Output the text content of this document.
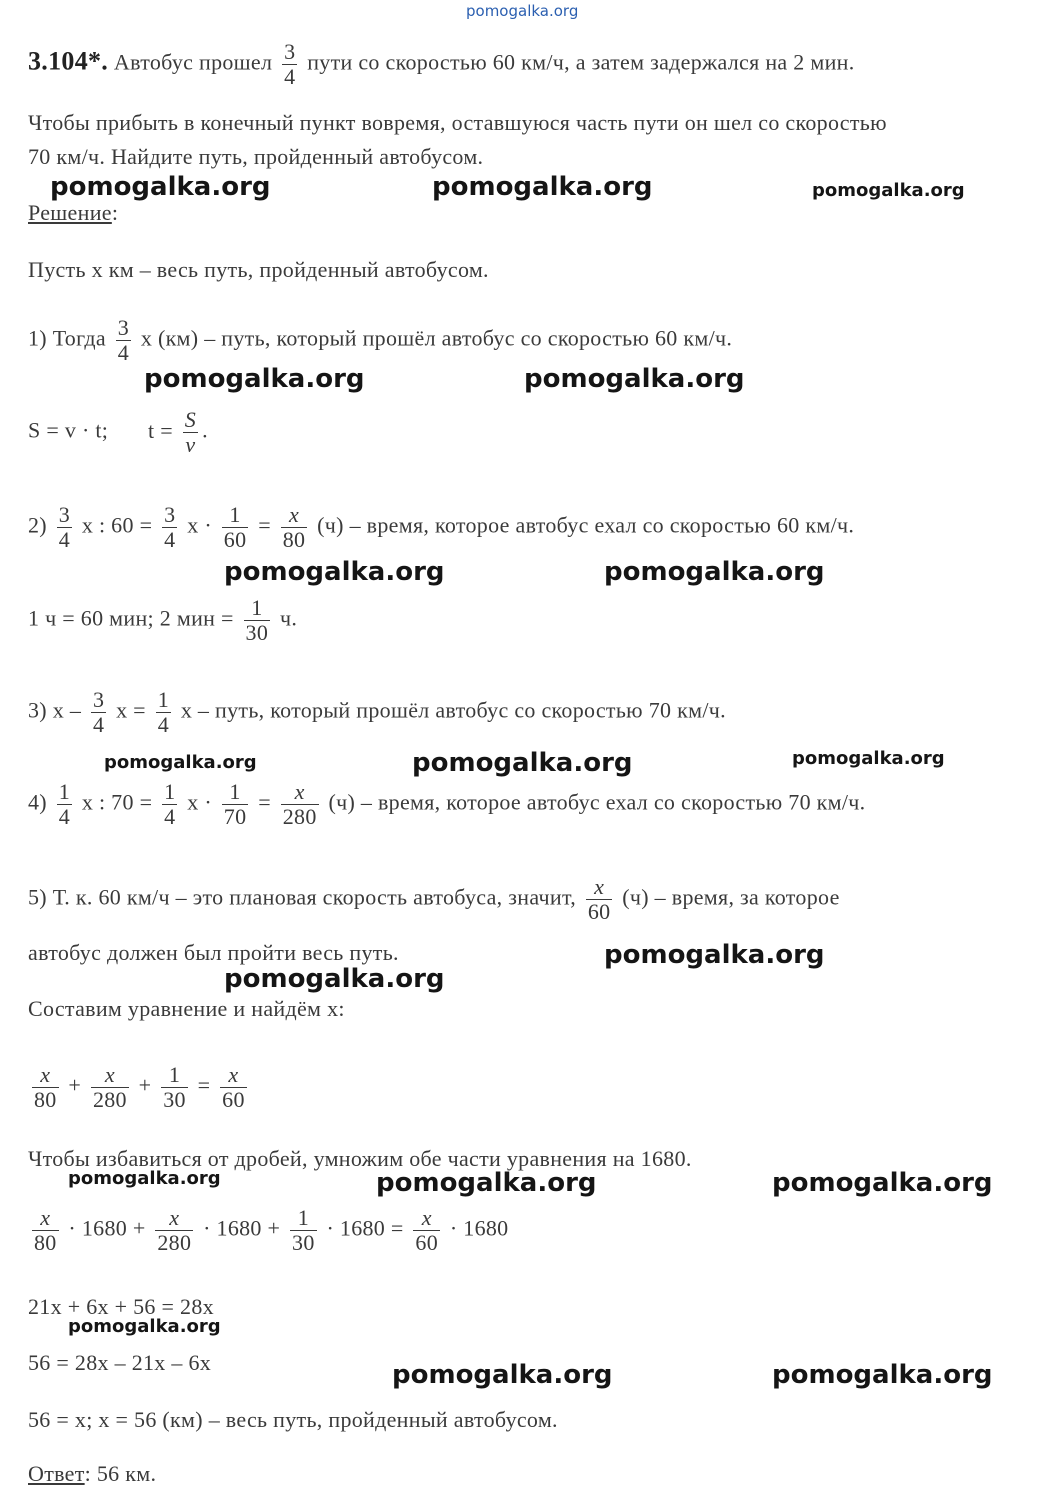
pomogalka.org
3.104*. Автобус прошел $\frac{3}{4}$ пути со скоростью 60 км/ч, а затем задержался на 2 мин.
Чтобы прибыть в конечный пункт вовремя, оставшуюся часть пути он шел со скоростью
70 км/ч. Найдите путь, пройденный автобусом.
Решение:
Пусть х км – весь путь, пройденный автобусом.
1) Тогда $\frac{3}{4}$ х (км) – путь, который прошёл автобус со скоростью 60 км/ч.
S = v · t; $t = \frac{S}{v}$ .
$2) \frac{3}{4}$ х : $60 = \frac{3}{4}$ $х \cdot \frac{1}{60} = \frac{x}{80} (ч)$ – время, которое автобус ехал со скоростью 60 км/ч.
1 ч = 60 мин; 2 мин = $\frac{1}{30} ч$.
3) х – $\frac{3}{4}$ $х = \frac{1}{4}$ х – путь, который прошёл автобус со скоростью 70 км/ч.
$4) \frac{1}{4}$ х : $70 = \frac{1}{4}$ $х \cdot \frac{1}{70} = \frac{x}{280} (ч)$ – время, которое автобус ехал со скоростью 70 км/ч.
5) Т. к. 60 км/ч – это плановая скорость автобуса, значит, $\frac{x}{60} (ч)$ – время, за которое
автобус должен был пройти весь путь.
Составим уравнение и найдём х:
$\frac{x}{80} + \frac{x}{280} + \frac{1}{30} = \frac{x}{60}$
Чтобы избавиться от дробей, умножим обе части уравнения на 1680.
$\frac{x}{80} \cdot 1680 + \frac{x}{280} \cdot 1680 + \frac{1}{30} \cdot 1680 = \frac{x}{60} \cdot 1680$
21х + 6х + 56 = 28х
56 = 28х – 21х – 6х
56 = х; х = 56 (км) – весь путь, пройденный автобусом.
Ответ: 56 км.
pomogalka.org	pomogalka.org	pomogalka.org
pomogalka.org	pomogalka.org
pomogalka.org	pomogalka.org
pomogalka.org	pomogalka.org	pomogalka.org
pomogalka.org
pomogalka.org
pomogalka.org	pomogalka.org	pomogalka.org
pomogalka.org
pomogalka.org	pomogalka.org
